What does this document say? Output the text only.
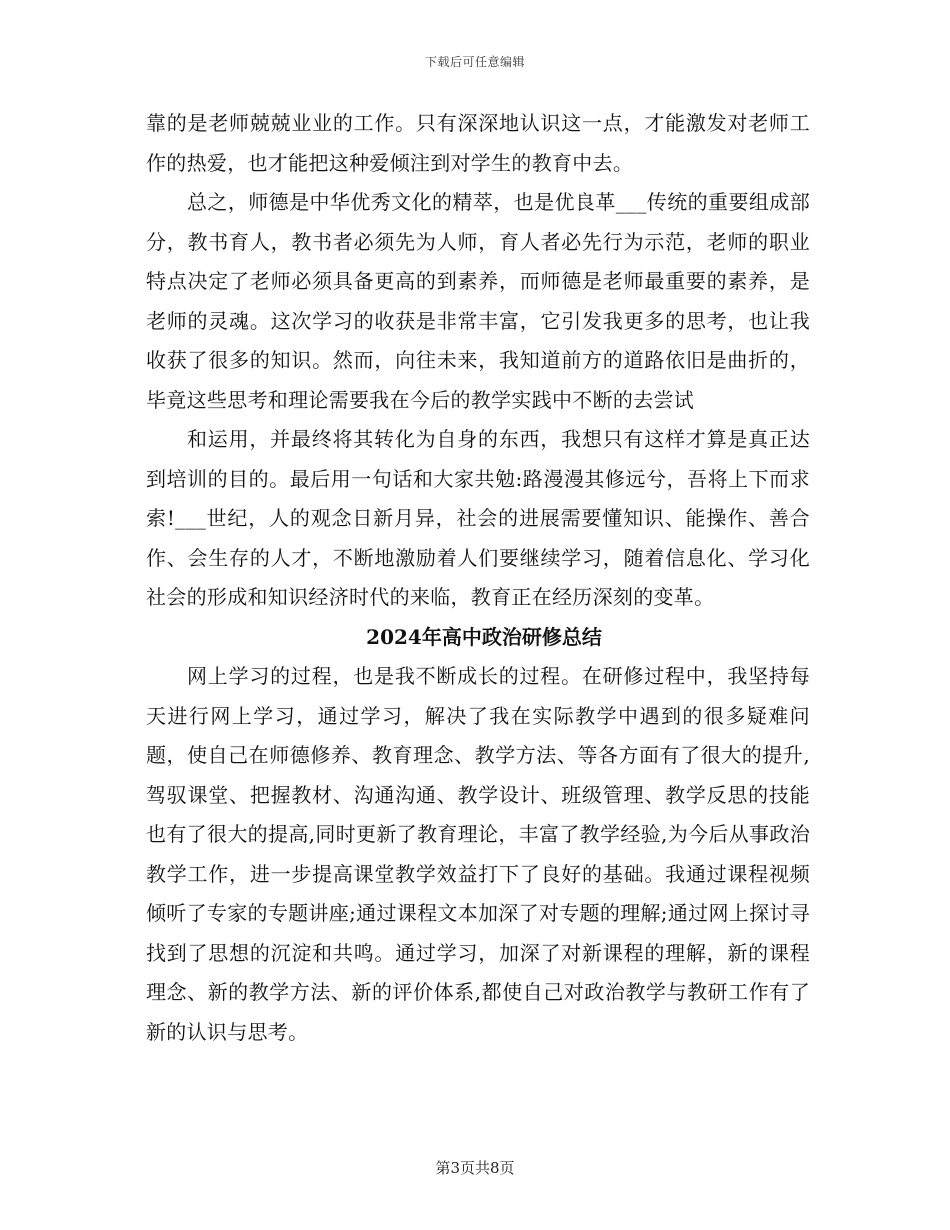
下载后可任意编辑

靠的是老师兢兢业业的工作。只有深深地认识这一点，才能激发对老师工作的热爱，也才能把这种爱倾注到对学生的教育中去。

总之，师德是中华优秀文化的精萃，也是优良革___传统的重要组成部分，教书育人，教书者必须先为人师，育人者必先行为示范，老师的职业特点决定了老师必须具备更高的到素养，而师德是老师最重要的素养，是老师的灵魂。这次学习的收获是非常丰富，它引发我更多的思考，也让我收获了很多的知识。然而，向往未来，我知道前方的道路依旧是曲折的，毕竟这些思考和理论需要我在今后的教学实践中不断的去尝试

和运用，并最终将其转化为自身的东西，我想只有这样才算是真正达到培训的目的。最后用一句话和大家共勉:路漫漫其修远兮，吾将上下而求索!___世纪，人的观念日新月异，社会的进展需要懂知识、能操作、善合作、会生存的人才，不断地激励着人们要继续学习，随着信息化、学习化社会的形成和知识经济时代的来临，教育正在经历深刻的变革。

2024年高中政治研修总结

网上学习的过程，也是我不断成长的过程。在研修过程中，我坚持每天进行网上学习，通过学习，解决了我在实际教学中遇到的很多疑难问题，使自己在师德修养、教育理念、教学方法、等各方面有了很大的提升,驾驭课堂、把握教材、沟通沟通、教学设计、班级管理、教学反思的技能也有了很大的提高,同时更新了教育理论，丰富了教学经验,为今后从事政治教学工作，进一步提高课堂教学效益打下了良好的基础。我通过课程视频倾听了专家的专题讲座;通过课程文本加深了对专题的理解;通过网上探讨寻找到了思想的沉淀和共鸣。通过学习，加深了对新课程的理解，新的课程理念、新的教学方法、新的评价体系,都使自己对政治教学与教研工作有了新的认识与思考。

第3页共8页
